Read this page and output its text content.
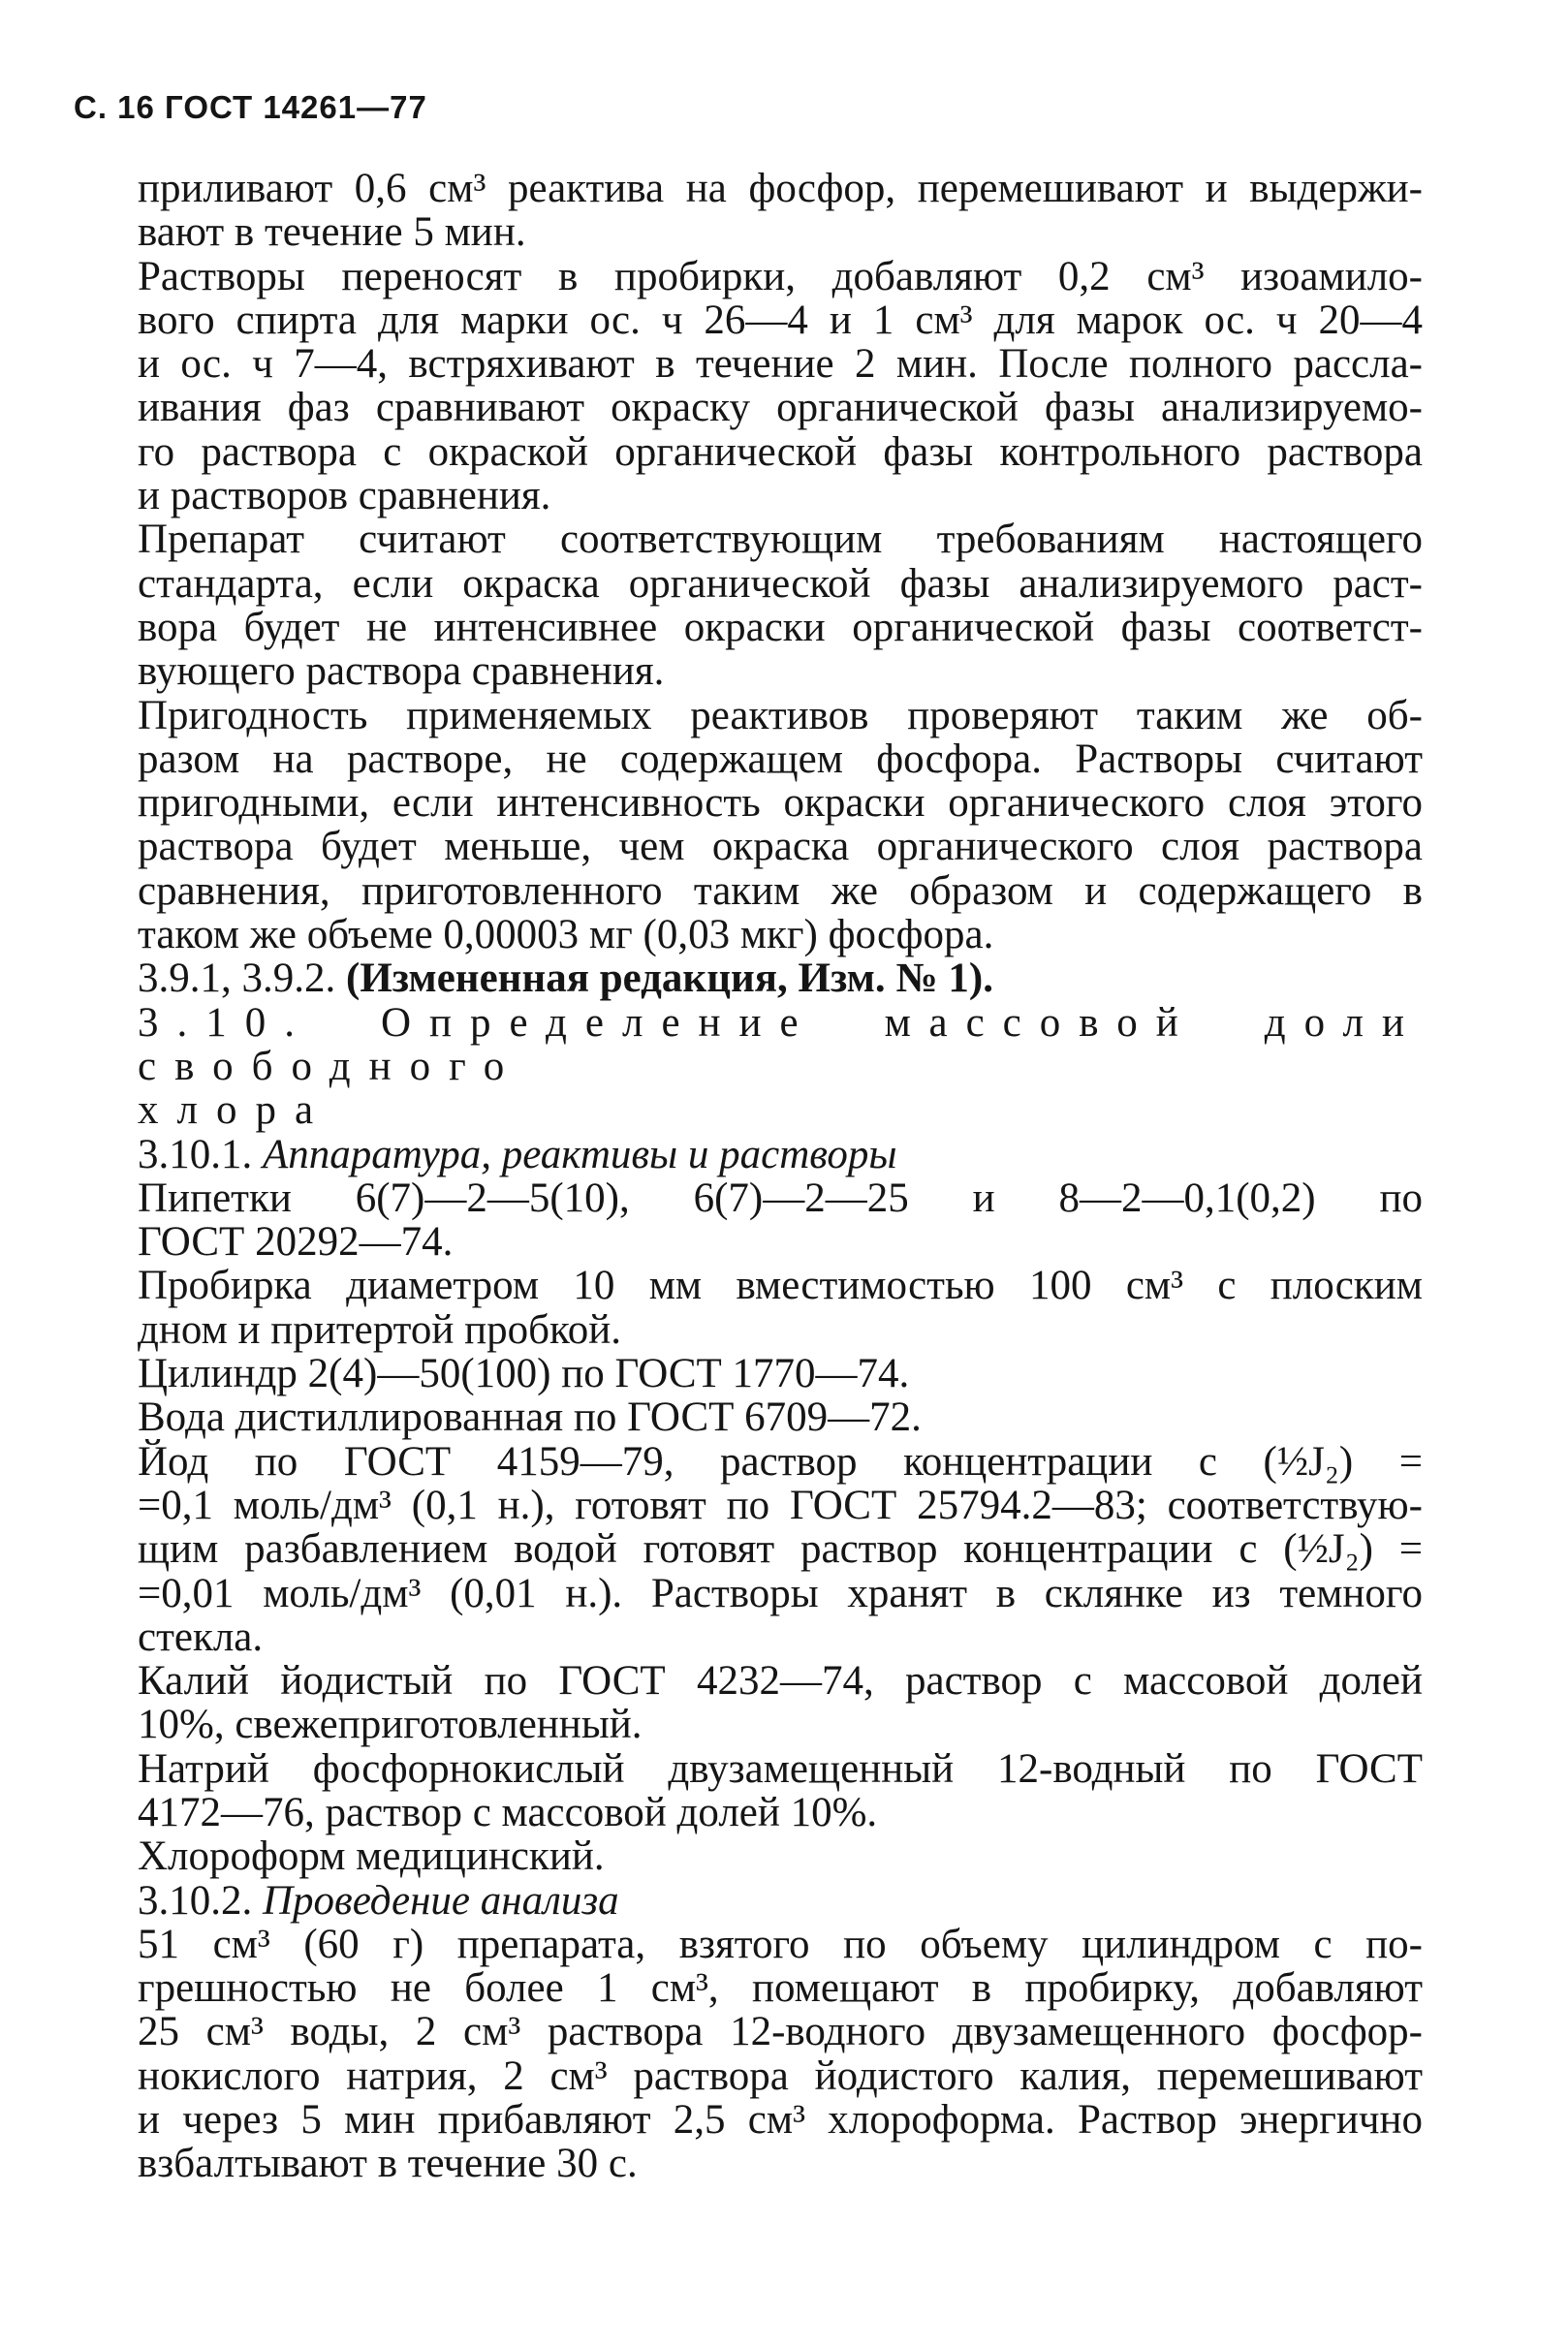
С. 16 ГОСТ 14261—77

приливают 0,6 см³ реактива на фосфор, перемешивают и выдержи-

вают в течение 5 мин.

Растворы переносят в пробирки, добавляют 0,2 см³ изоамило-

вого спирта для марки ос. ч 26—4 и 1 см³ для марок ос. ч 20—4

и ос. ч 7—4, встряхивают в течение 2 мин. После полного рассла-

ивания фаз сравнивают окраску органической фазы анализируемо-

го раствора с окраской органической фазы контрольного раствора

и растворов сравнения.

Препарат считают соответствующим требованиям настоящего

стандарта, если окраска органической фазы анализируемого раст-

вора будет не интенсивнее окраски органической фазы соответст-

вующего раствора сравнения.

Пригодность применяемых реактивов проверяют таким же об-

разом на растворе, не содержащем фосфора. Растворы считают

пригодными, если интенсивность окраски органического слоя этого

раствора будет меньше, чем окраска органического слоя раствора

сравнения, приготовленного таким же образом и содержащего в

таком же объеме 0,00003 мг (0,03 мкг) фосфора.

3.9.1, 3.9.2. (Измененная редакция, Изм. № 1).

3.10. Определение массовой доли свободного

хлора

3.10.1. Аппаратура, реактивы и растворы

Пипетки 6(7)—2—5(10), 6(7)—2—25 и 8—2—0,1(0,2) по

ГОСТ 20292—74.

Пробирка диаметром 10 мм вместимостью 100 см³ с плоским

дном и притертой пробкой.

Цилиндр 2(4)—50(100) по ГОСТ 1770—74.

Вода дистиллированная по ГОСТ 6709—72.

Йод по ГОСТ 4159—79, раствор концентрации с (½J₂) =

=0,1 моль/дм³ (0,1 н.), готовят по ГОСТ 25794.2—83; соответствую-

щим разбавлением водой готовят раствор концентрации с (½J₂) =

=0,01 моль/дм³ (0,01 н.). Растворы хранят в склянке из темного

стекла.

Калий йодистый по ГОСТ 4232—74, раствор с массовой долей

10%, свежеприготовленный.

Натрий фосфорнокислый двузамещенный 12-водный по ГОСТ

4172—76, раствор с массовой долей 10%.

Хлороформ медицинский.

3.10.2. Проведение анализа

51 см³ (60 г) препарата, взятого по объему цилиндром с по-

грешностью не более 1 см³, помещают в пробирку, добавляют

25 см³ воды, 2 см³ раствора 12-водного двузамещенного фосфор-

нокислого натрия, 2 см³ раствора йодистого калия, перемешивают

и через 5 мин прибавляют 2,5 см³ хлороформа. Раствор энергично

взбалтывают в течение 30 с.
